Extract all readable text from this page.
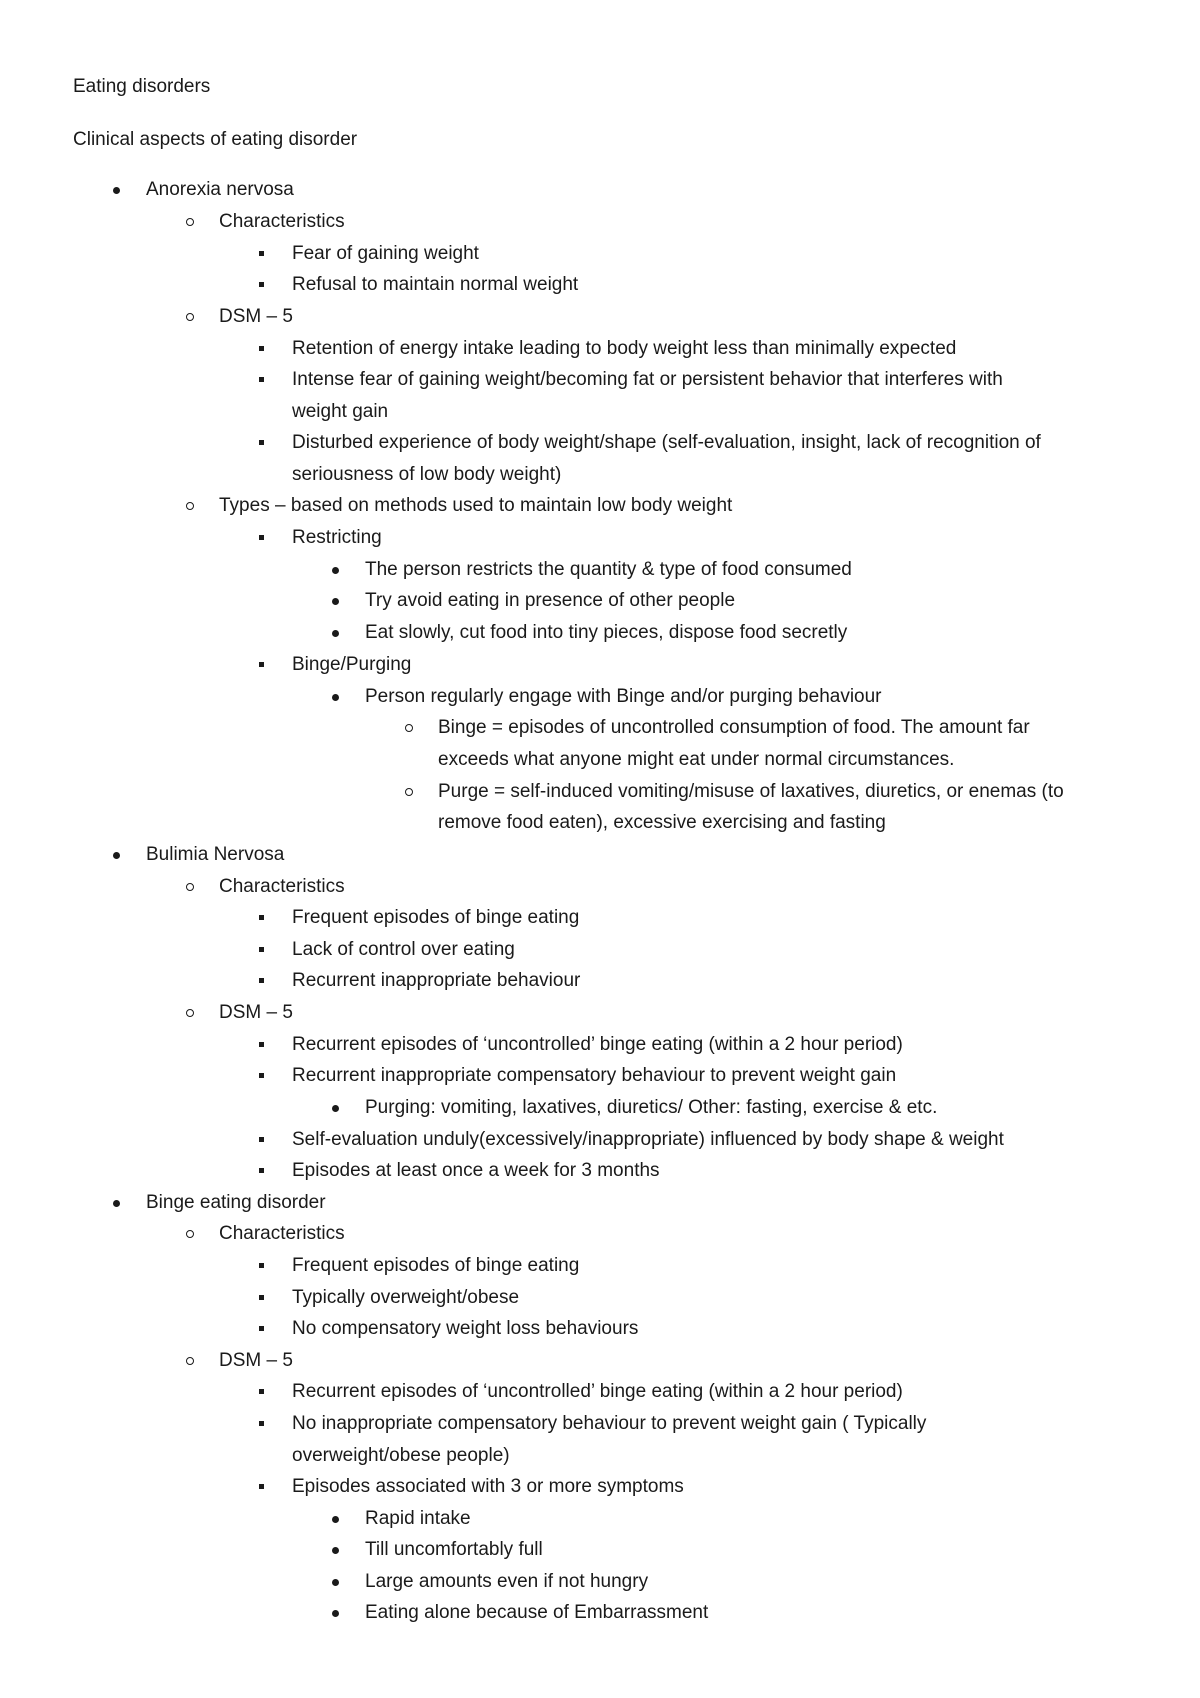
Eating disorders
Clinical aspects of eating disorder
Anorexia nervosa
Characteristics
Fear of gaining weight
Refusal to maintain normal weight
DSM – 5
Retention of energy intake leading to body weight less than minimally expected
Intense fear of gaining weight/becoming fat or persistent behavior that interferes with
weight gain
Disturbed experience of body weight/shape (self-evaluation, insight, lack of recognition of
seriousness of low body weight)
Types – based on methods used to maintain low body weight
Restricting
The person restricts the quantity & type of food consumed
Try avoid eating in presence of other people
Eat slowly, cut food into tiny pieces, dispose food secretly
Binge/Purging
Person regularly engage with Binge and/or purging behaviour
Binge = episodes of uncontrolled consumption of food. The amount far
exceeds what anyone might eat under normal circumstances.
Purge = self-induced vomiting/misuse of laxatives, diuretics, or enemas (to
remove food eaten), excessive exercising and fasting
Bulimia Nervosa
Characteristics
Frequent episodes of binge eating
Lack of control over eating
Recurrent inappropriate behaviour
DSM – 5
Recurrent episodes of ‘uncontrolled’ binge eating (within a 2 hour period)
Recurrent inappropriate compensatory behaviour to prevent weight gain
Purging: vomiting, laxatives, diuretics/ Other: fasting, exercise & etc.
Self-evaluation unduly(excessively/inappropriate) influenced by body shape & weight
Episodes at least once a week for 3 months
Binge eating disorder
Characteristics
Frequent episodes of binge eating
Typically overweight/obese
No compensatory weight loss behaviours
DSM – 5
Recurrent episodes of ‘uncontrolled’ binge eating (within a 2 hour period)
No inappropriate compensatory behaviour to prevent weight gain ( Typically
overweight/obese people)
Episodes associated with 3 or more symptoms
Rapid intake
Till uncomfortably full
Large amounts even if not hungry
Eating alone because of Embarrassment
